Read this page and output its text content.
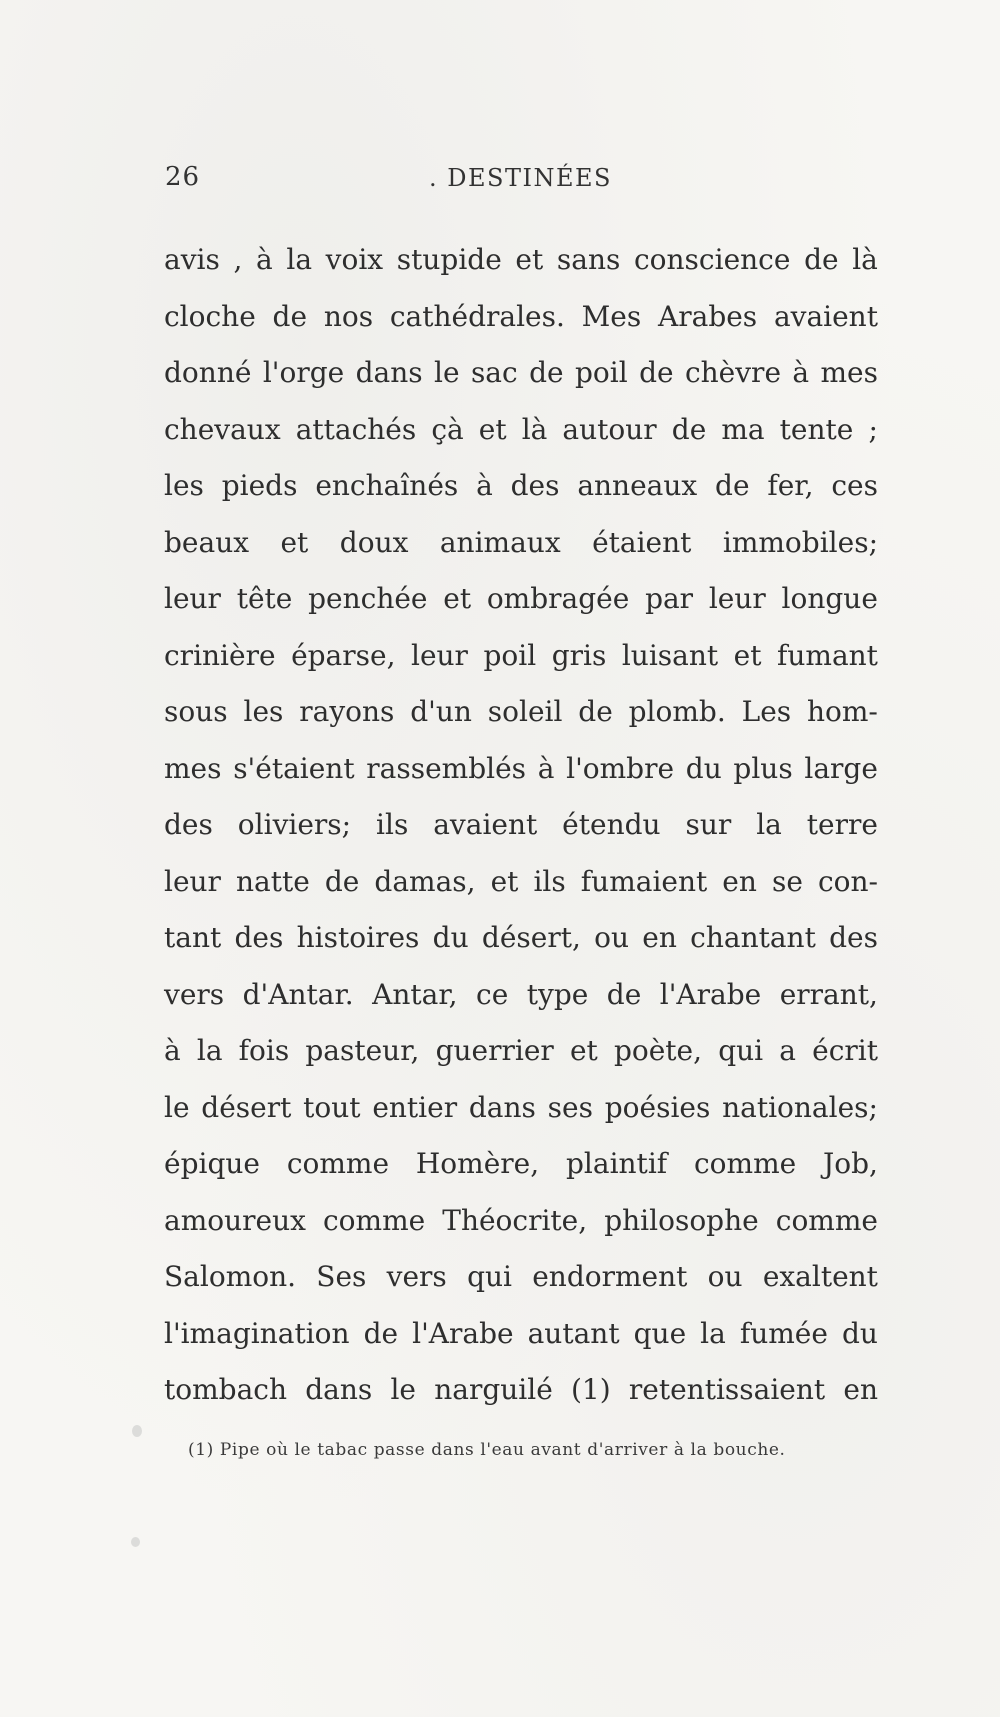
26	. DESTINÉES
avis , à la voix stupide et sans conscience de là
cloche de nos cathédrales. Mes Arabes avaient
donné l'orge dans le sac de poil de chèvre à mes
chevaux attachés çà et là autour de ma tente ;
les pieds enchaînés à des anneaux de fer, ces
beaux et doux animaux étaient immobiles;
leur tête penchée et ombragée par leur longue
crinière éparse, leur poil gris luisant et fumant
sous les rayons d'un soleil de plomb. Les hom-
mes s'étaient rassemblés à l'ombre du plus large
des oliviers; ils avaient étendu sur la terre
leur natte de damas, et ils fumaient en se con-
tant des histoires du désert, ou en chantant des
vers d'Antar. Antar, ce type de l'Arabe errant,
à la fois pasteur, guerrier et poète, qui a écrit
le désert tout entier dans ses poésies nationales;
épique comme Homère, plaintif comme Job,
amoureux comme Théocrite, philosophe comme
Salomon. Ses vers qui endorment ou exaltent
l'imagination de l'Arabe autant que la fumée du
tombach dans le narguilé (1) retentissaient en
(1) Pipe où le tabac passe dans l'eau avant d'arriver à la bouche.
